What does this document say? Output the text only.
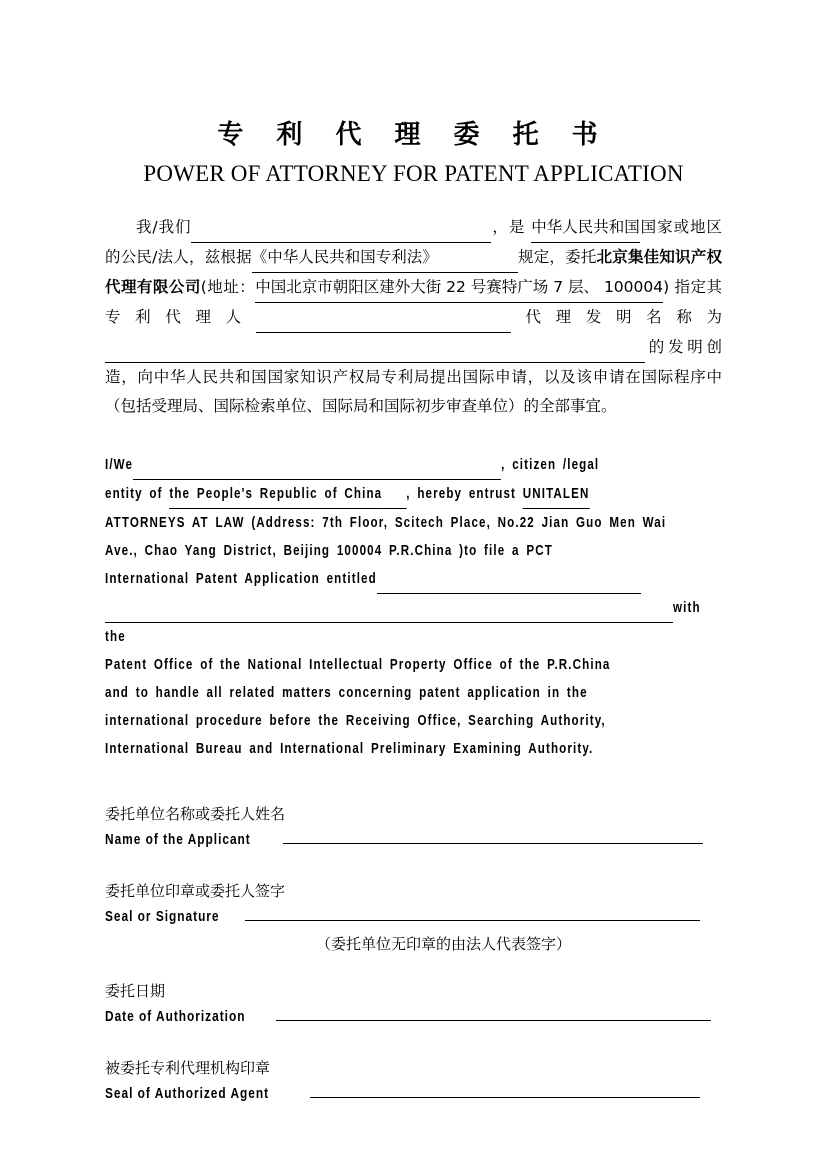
专 利 代 理 委 托 书
POWER OF ATTORNEY FOR PATENT APPLICATION
我/我们	，是 中华人民共和国国家或地区的公民/法人，兹根据《中华人民共和国专利法》	规定，委托北京集佳知识产权代理有限公司(地址：中国北京市朝阳区建外大街 22 号赛特广场 7 层、 100004) 指定其专利代理人	代理发明名称为 的发明创造，向中华人民共和国国家知识产权局专利局提出国际申请，以及该申请在国际程序中（包括受理局、国际检索单位、国际局和国际初步审查单位）的全部事宜。
I/We	, citizen /legal
entity of the People's Republic of China , hereby entrust UNITALEN
ATTORNEYS AT LAW (Address: 7th Floor, Scitech Place, No.22 Jian Guo Men Wai
Ave., Chao Yang District, Beijing 100004 P.R.China )to file a PCT
International Patent Application entitled
with the
Patent Office of the National Intellectual Property Office of the P.R.China
and to handle all related matters concerning patent application in the
international procedure before the Receiving Office, Searching Authority,
International Bureau and International Preliminary Examining Authority.
委托单位名称或委托人姓名
Name of the Applicant
委托单位印章或委托人签字
Seal or Signature
（委托单位无印章的由法人代表签字）
委托日期
Date of Authorization
被委托专利代理机构印章
Seal of Authorized Agent
